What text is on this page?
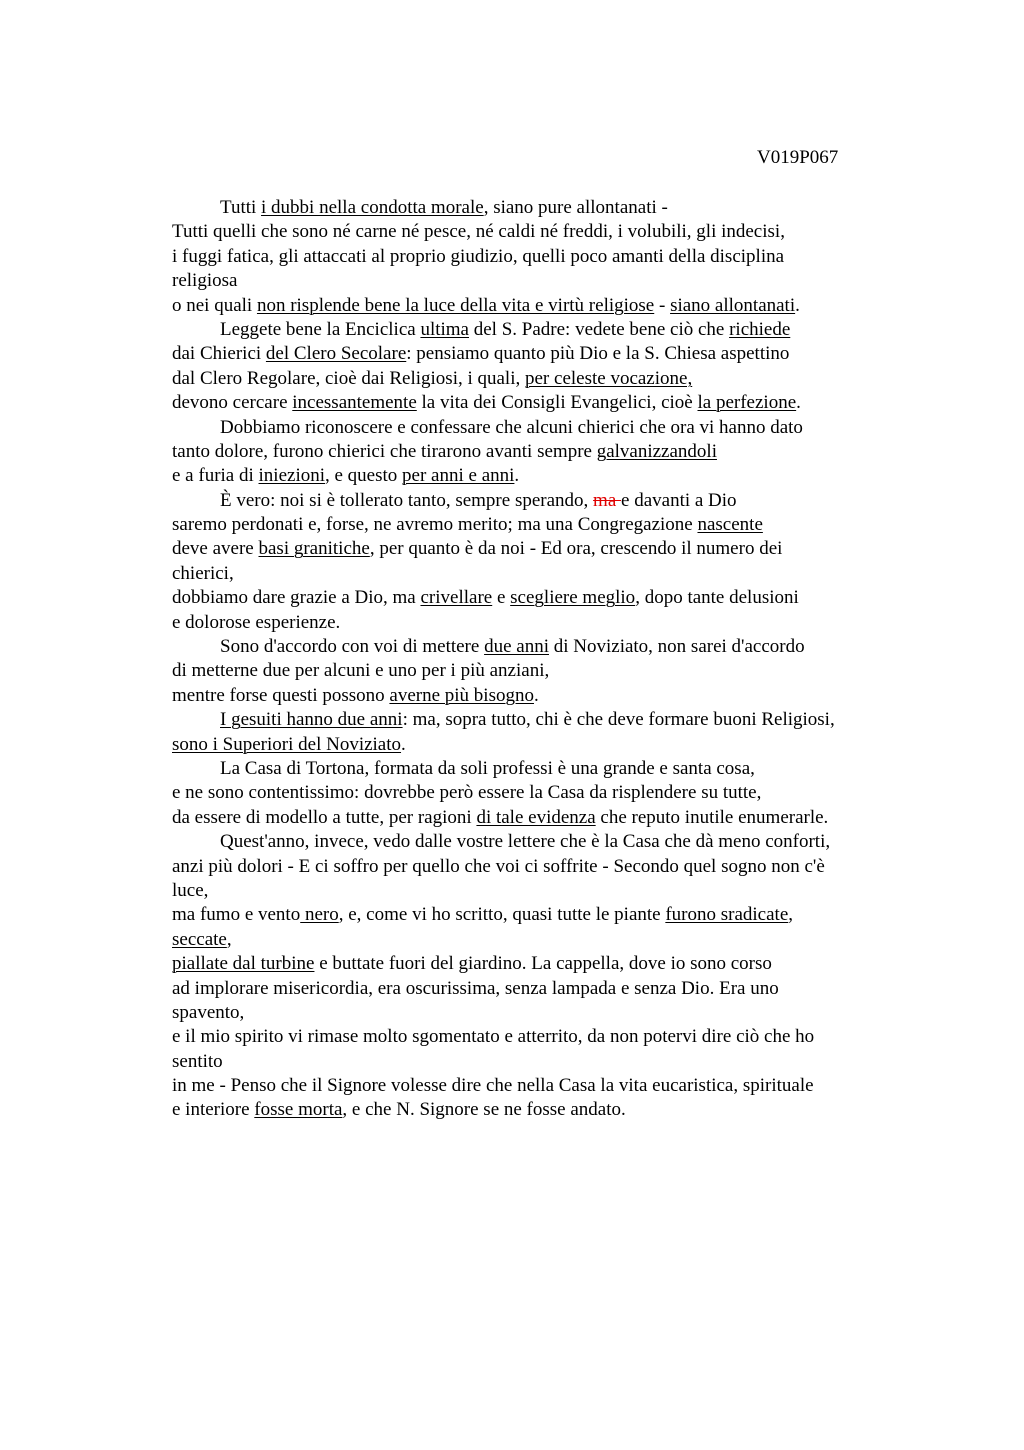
V019P067
Tutti i dubbi nella condotta morale, siano pure allontanati -
Tutti quelli che sono né carne né pesce, né caldi né freddi, i volubili, gli indecisi,
i fuggi fatica, gli attaccati al proprio giudizio, quelli poco amanti della disciplina
religiosa
o nei quali non risplende bene la luce della vita e virtù religiose - siano allontanati.
Leggete bene la Enciclica ultima del S. Padre: vedete bene ciò che richiede
dai Chierici del Clero Secolare: pensiamo quanto più Dio e la S. Chiesa aspettino
dal Clero Regolare, cioè dai Religiosi, i quali, per celeste vocazione,
devono cercare incessantemente la vita dei Consigli Evangelici, cioè la perfezione.
Dobbiamo riconoscere e confessare che alcuni chierici che ora vi hanno dato
tanto dolore, furono chierici che tirarono avanti sempre galvanizzandoli
e a furia di iniezioni, e questo per anni e anni.
È vero: noi si è tollerato tanto, sempre sperando, ma e davanti a Dio
saremo perdonati e, forse, ne avremo merito; ma una Congregazione nascente
deve avere basi granitiche, per quanto è da noi - Ed ora, crescendo il numero dei
chierici,
dobbiamo dare grazie a Dio, ma crivellare e scegliere meglio, dopo tante delusioni
e dolorose esperienze.
Sono d'accordo con voi di mettere due anni di Noviziato, non sarei d'accordo
di metterne due per alcuni e uno per i più anziani,
mentre forse questi possono averne più bisogno.
I gesuiti hanno due anni: ma, sopra tutto, chi è che deve formare buoni Religiosi,
sono i Superiori del Noviziato.
La Casa di Tortona, formata da soli professi è una grande e santa cosa,
e ne sono contentissimo: dovrebbe però essere la Casa da risplendere su tutte,
da essere di modello a tutte, per ragioni di tale evidenza che reputo inutile enumerarle.
Quest'anno, invece, vedo dalle vostre lettere che è la Casa che dà meno conforti,
anzi più dolori - E ci soffro per quello che voi ci soffrite - Secondo quel sogno non c'è
luce,
ma fumo e vento nero, e, come vi ho scritto, quasi tutte le piante furono sradicate,
seccate,
piallate dal turbine e buttate fuori del giardino. La cappella, dove io sono corso
ad implorare misericordia, era oscurissima, senza lampada e senza Dio. Era uno
spavento,
e il mio spirito vi rimase molto sgomentato e atterrito, da non potervi dire ciò che ho
sentito
in me - Penso che il Signore volesse dire che nella Casa la vita eucaristica, spirituale
e interiore fosse morta, e che N. Signore se ne fosse andato.
